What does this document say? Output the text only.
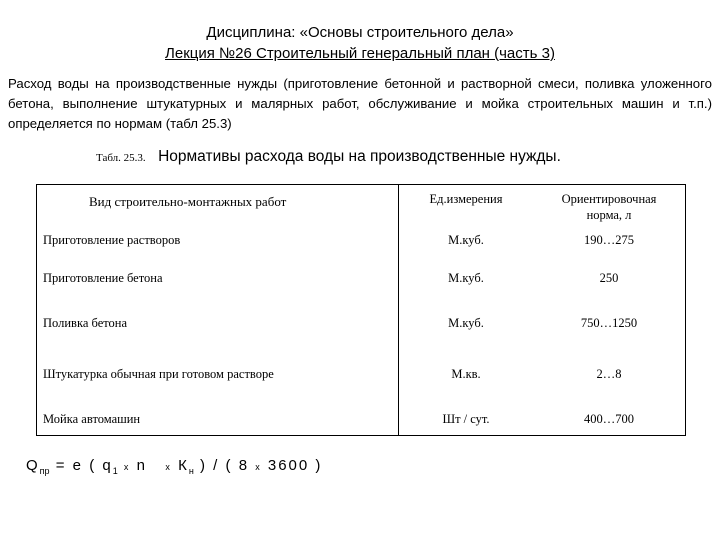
Дисциплина: «Основы строительного дела»
Лекция №26 Строительный генеральный план (часть 3)
Расход воды на производственные нужды (приготовление бетонной и растворной смеси, поливка уложенного бетона, выполнение штукатурных и малярных работ, обслуживание и мойка строительных машин и т.п.) определяется по нормам (табл 25.3)
Табл. 25.3. Нормативы расхода воды на производственные нужды.
Вид строительно-монтажных работ	Ед.измерения	Ориентировочная
норма, л
Приготовление растворов	М.куб.	190…275
Приготовление бетона	М.куб.	250
Поливка бетона	М.куб.	750…1250
Штукатурка обычная при готовом растворе	М.кв.	2…8
Мойка автомашин	Шт / сут.	400…700
$Q_{пр} = е$ ( $q_1$ х n х $К_н$ ) / ( 8 х 3600 )
